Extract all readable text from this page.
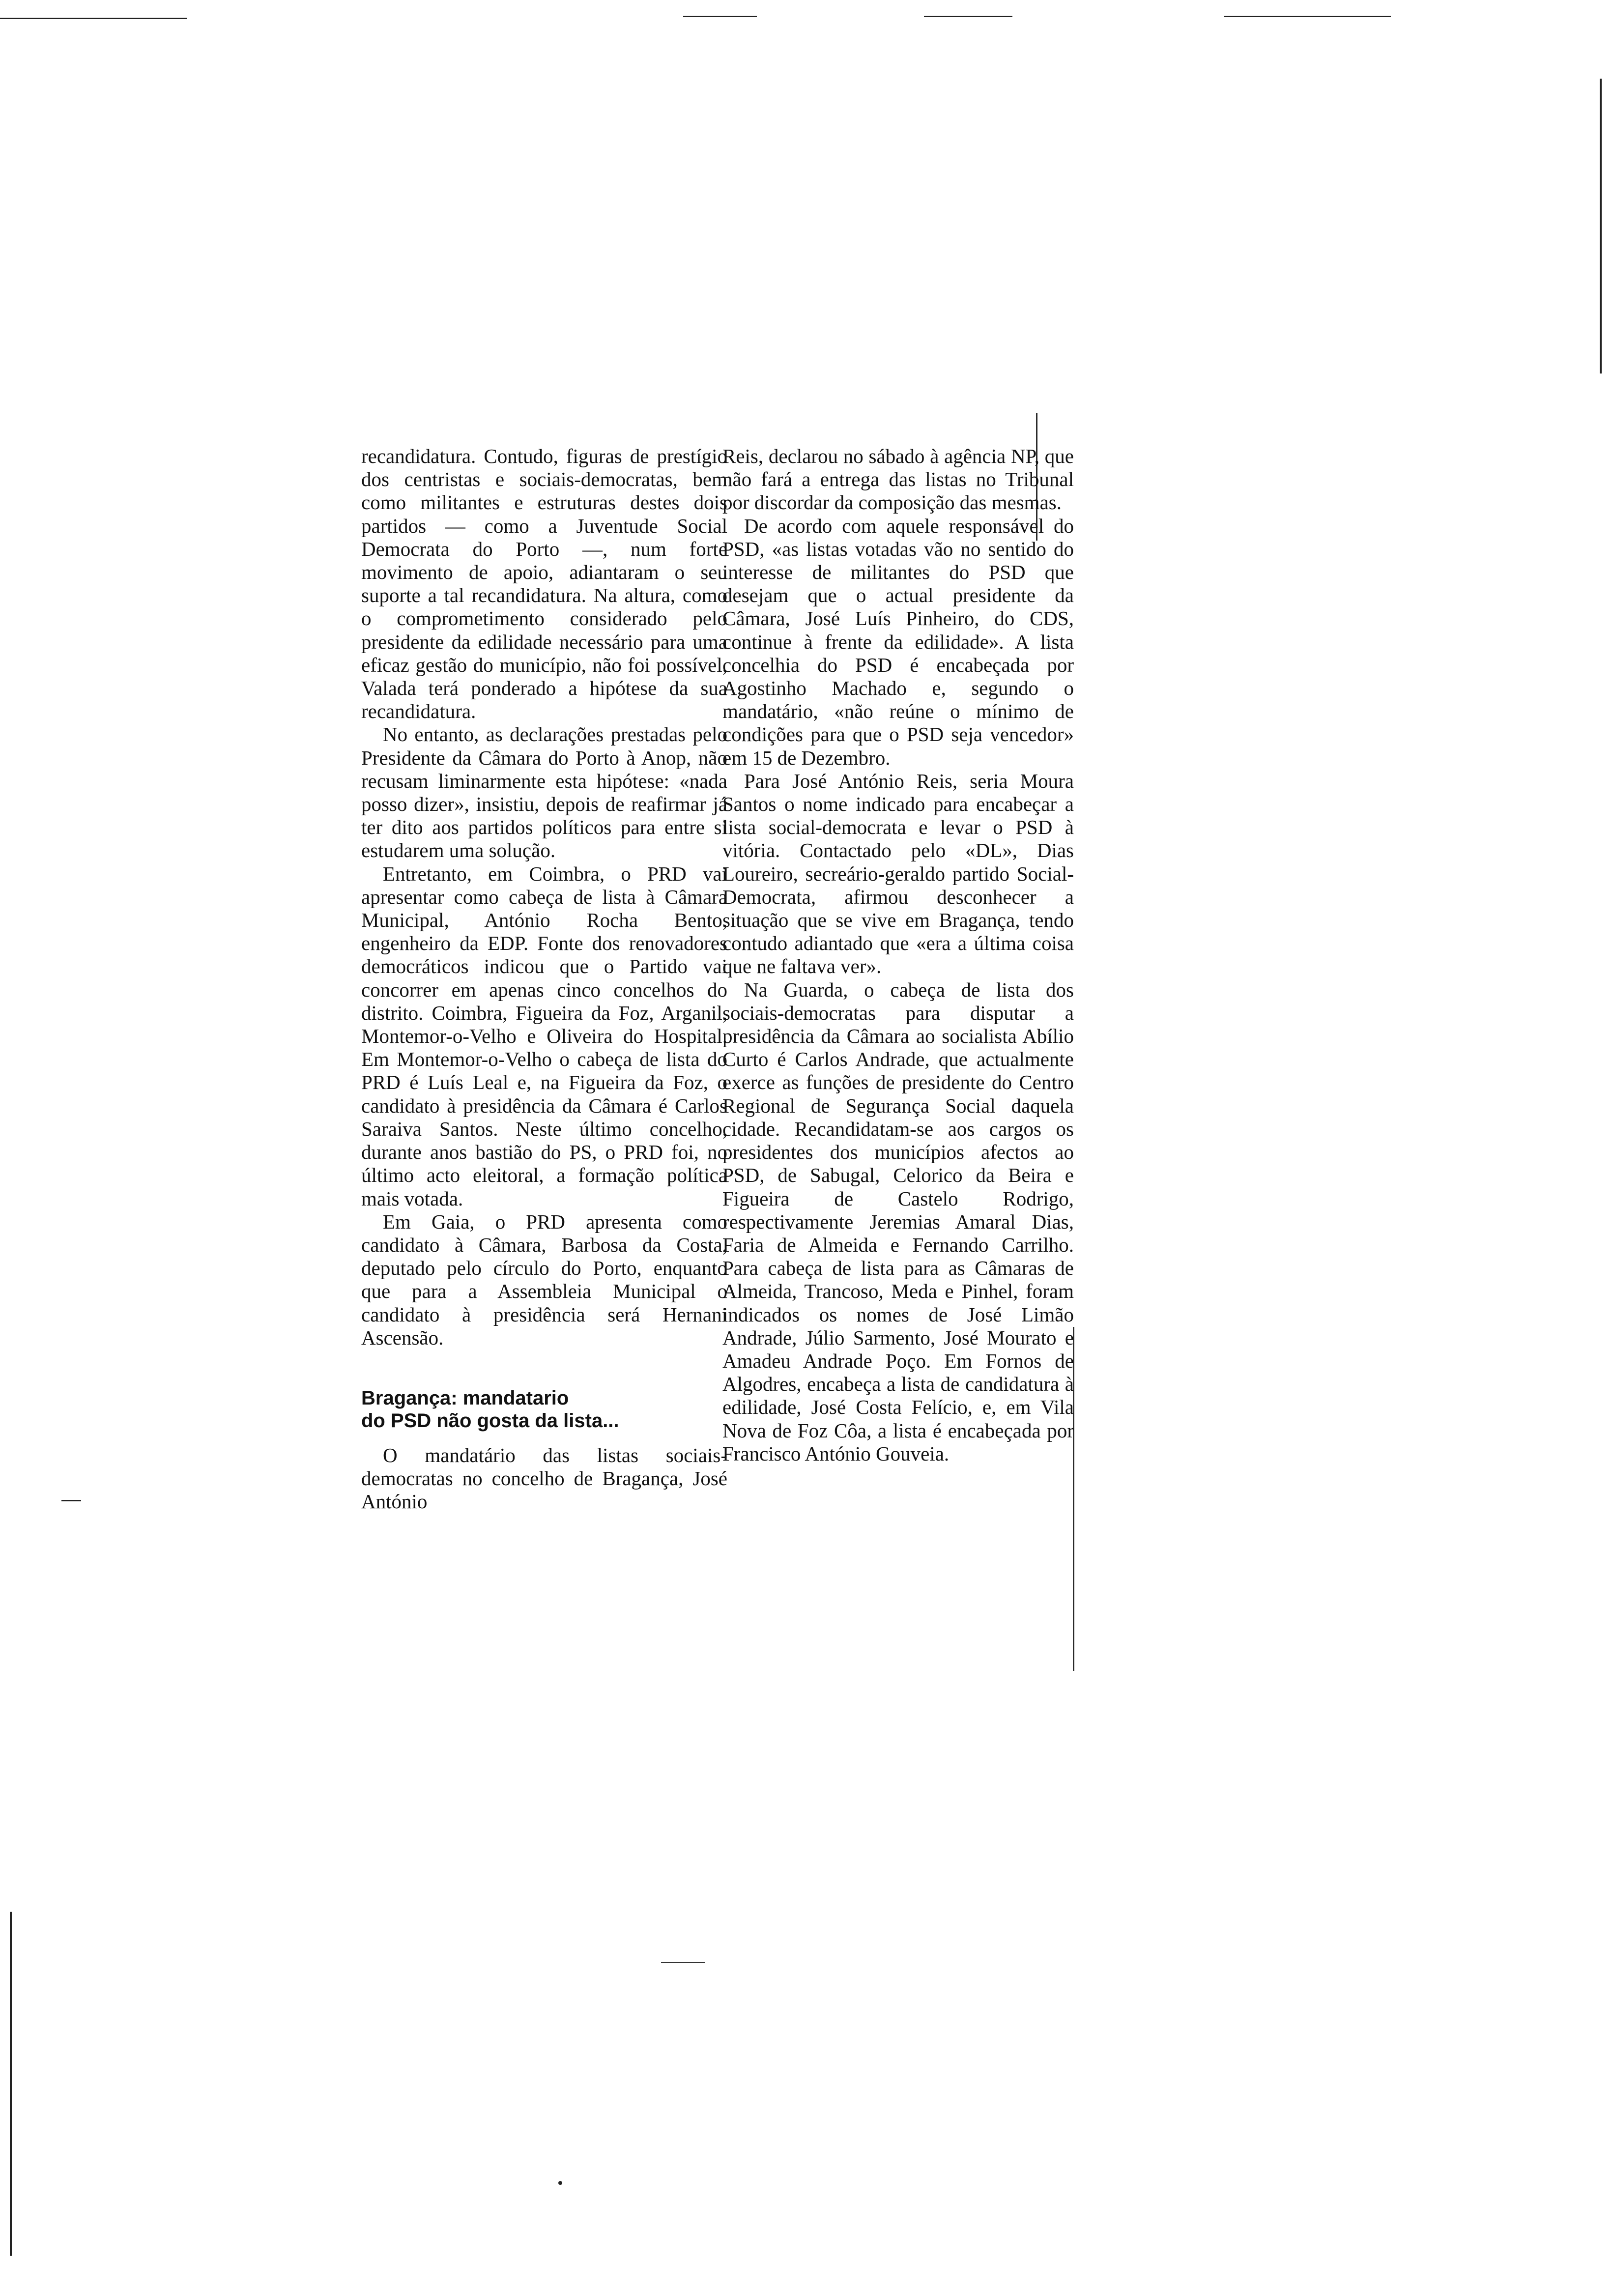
recandidatura. Contudo, figuras de prestígio dos centristas e sociais-democratas, bem como militantes e estruturas destes dois partidos — como a Juventude Social Democrata do Porto —, num forte movimento de apoio, adiantaram o seu suporte a tal recandidatura. Na altura, como o comprometimento considerado pelo presidente da edilidade necessário para uma eficaz gestão do município, não foi possível, Valada terá ponderado a hipótese da sua recandidatura.

No entanto, as declarações prestadas pelo Presidente da Câmara do Porto à Anop, não recusam liminarmente esta hipótese: «nada posso dizer», insistiu, depois de reafirmar já ter dito aos partidos políticos para entre si estudarem uma solução.

Entretanto, em Coimbra, o PRD vai apresentar como cabeça de lista à Câmara Municipal, António Rocha Bento, engenheiro da EDP. Fonte dos renovadores democráticos indicou que o Partido vai concorrer em apenas cinco concelhos do distrito. Coimbra, Figueira da Foz, Arganil, Montemor-o-Velho e Oliveira do Hospital. Em Montemor-o-Velho o cabeça de lista do PRD é Luís Leal e, na Figueira da Foz, o candidato à presidência da Câmara é Carlos Saraiva Santos. Neste último concelho, durante anos bastião do PS, o PRD foi, no último acto eleitoral, a formação política mais votada.

Em Gaia, o PRD apresenta como candidato à Câmara, Barbosa da Costa, deputado pelo círculo do Porto, enquanto que para a Assembleia Municipal o candidato à presidência será Hernani Ascensão.

Bragança: mandatario
do PSD não gosta da lista...

O mandatário das listas sociais-democratas no concelho de Bragança, José António

Reis, declarou no sábado à agência NP, que não fará a entrega das listas no Tribunal por discordar da composição das mesmas.

De acordo com aquele responsável do PSD, «as listas votadas vão no sentido do interesse de militantes do PSD que desejam que o actual presidente da Câmara, José Luís Pinheiro, do CDS, continue à frente da edilidade». A lista concelhia do PSD é encabeçada por Agostinho Machado e, segundo o mandatário, «não reúne o mínimo de condições para que o PSD seja vencedor» em 15 de Dezembro.

Para José António Reis, seria Moura Santos o nome indicado para encabeçar a lista social-democrata e levar o PSD à vitória. Contactado pelo «DL», Dias Loureiro, secreário-geraldo partido Social-Democrata, afirmou desconhecer a situação que se vive em Bragança, tendo contudo adiantado que «era a última coisa que ne faltava ver».

Na Guarda, o cabeça de lista dos sociais-democratas para disputar a presidência da Câmara ao socialista Abílio Curto é Carlos Andrade, que actualmente exerce as funções de presidente do Centro Regional de Segurança Social daquela cidade. Recandidatam-se aos cargos os presidentes dos municípios afectos ao PSD, de Sabugal, Celorico da Beira e Figueira de Castelo Rodrigo, respectivamente Jeremias Amaral Dias, Faria de Almeida e Fernando Carrilho. Para cabeça de lista para as Câmaras de Almeida, Trancoso, Meda e Pinhel, foram indicados os nomes de José Limão Andrade, Júlio Sarmento, José Mourato e Amadeu Andrade Poço. Em Fornos de Algodres, encabeça a lista de candidatura à edilidade, José Costa Felício, e, em Vila Nova de Foz Côa, a lista é encabeçada por Francisco António Gouveia.
